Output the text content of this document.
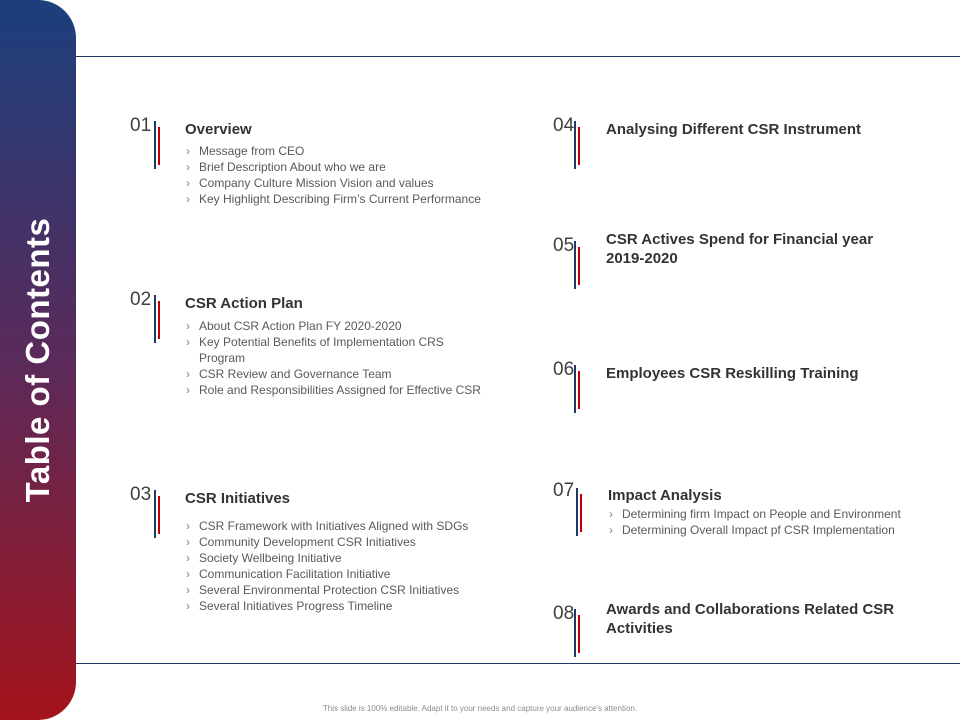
Table of Contents
01 Overview
› Message from CEO
› Brief Description About who we are
› Company Culture Mission Vision and values
› Key Highlight Describing Firm’s Current Performance
02 CSR Action Plan
› About CSR Action Plan FY 2020-2020
› Key Potential Benefits of Implementation CRS Program
› CSR Review and Governance Team
› Role and Responsibilities Assigned for Effective CSR
03 CSR Initiatives
› CSR Framework with Initiatives Aligned with SDGs
› Community Development CSR Initiatives
› Society Wellbeing Initiative
› Communication Facilitation Initiative
› Several Environmental Protection CSR Initiatives
› Several Initiatives Progress Timeline
04 Analysing Different CSR Instrument
05 CSR Actives Spend for Financial year 2019-2020
06 Employees CSR Reskilling Training
07 Impact Analysis
› Determining firm Impact on People and Environment
› Determining Overall Impact pf CSR Implementation
08 Awards and Collaborations Related CSR Activities
This slide is 100% editable. Adapt it to your needs and capture your audience's attention.
